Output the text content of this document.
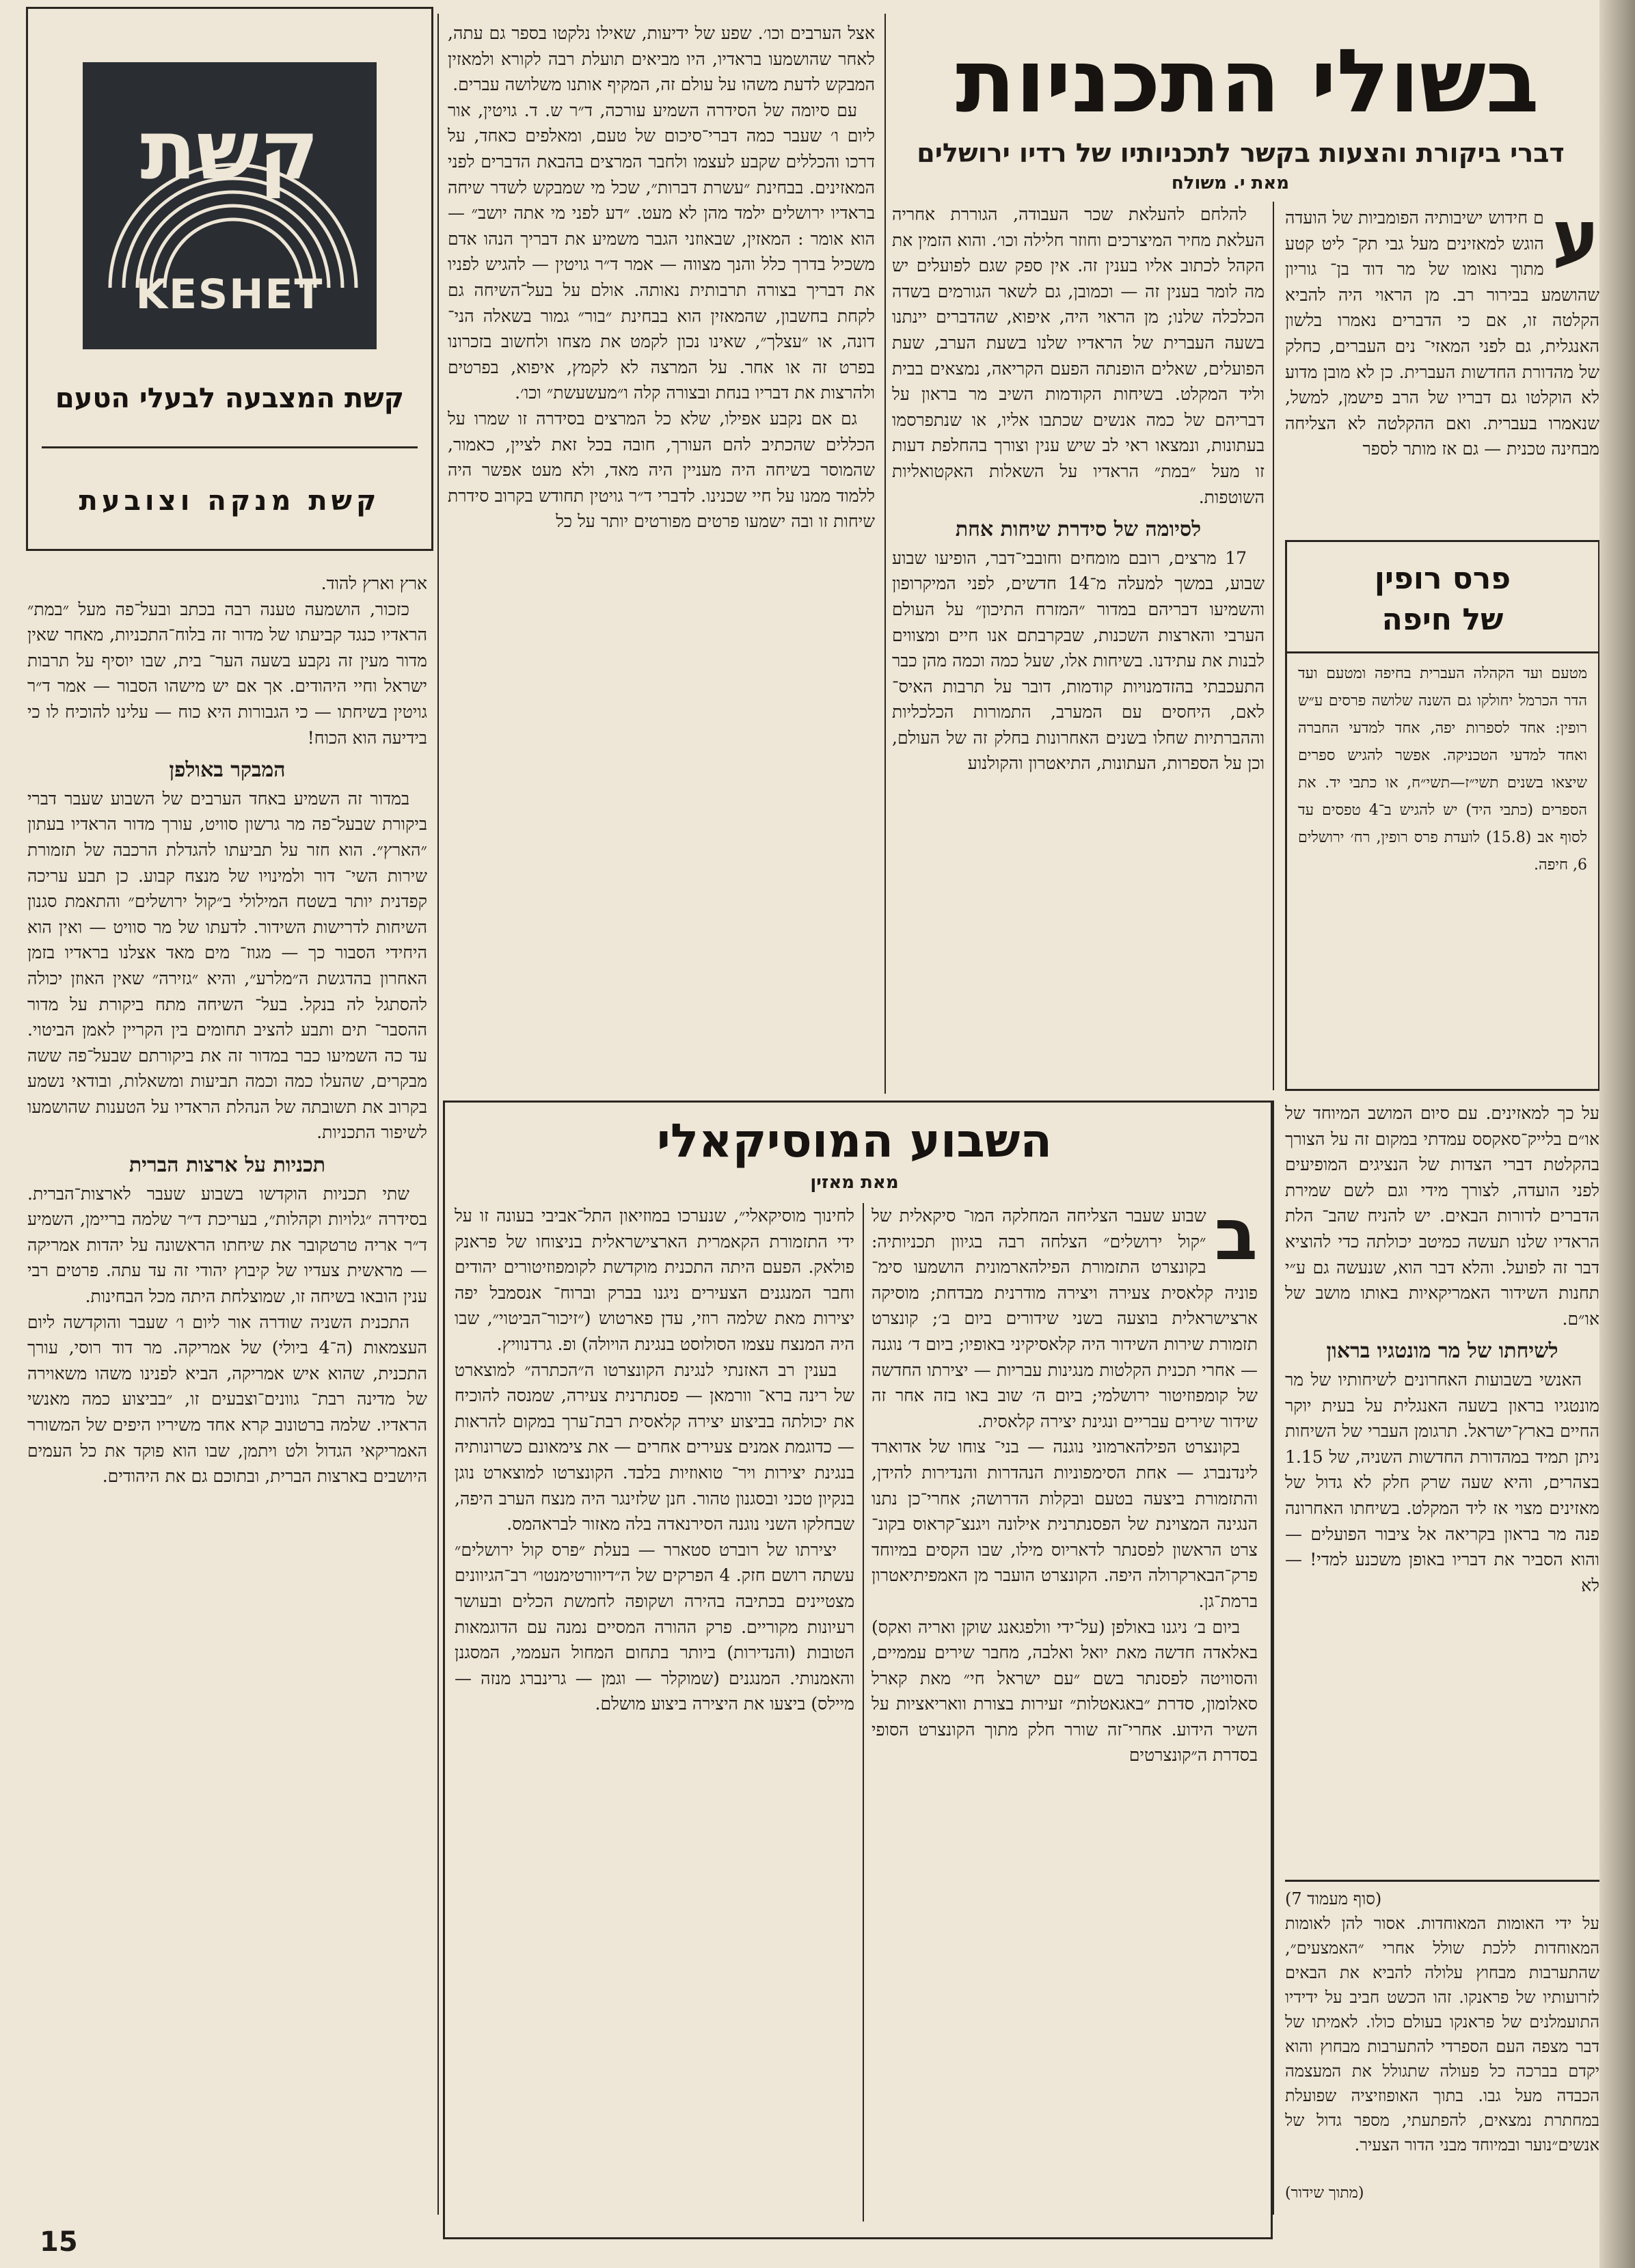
בשולי התכניות
דברי ביקורת והצעות בקשר לתכניותיו של רדיו ירושלים
מאת י. משולח
ע

ם חידוש ישיבותיה הפומביות של הועדה הוגש למאזינים מעל גבי תק־ ליט קטע מתוך נאומו של מר דוד בן־ גוריון שהושמע בבירור רב. מן הראוי היה להביא הקלטה זו, אם כי הדברים נאמרו בלשון האנגלית, גם לפני המאזי־ נים העברים, כחלק של מהדורת החדשות העברית. כן לא מובן מדוע לא הוקלטו גם דבריו של הרב פישמן, למשל, שנאמרו בעברית. ואם ההקלטה לא הצליחה מבחינה טכנית — גם אז מותר לספר

פרס רופין
של חיפה

מטעם ועד הקהלה העברית בחיפה ומטעם ועד הדר הכרמל יחולקו גם השנה שלושה פרסים ע״ש רופין: אחד לספרות יפה, אחד למדעי החברה ואחד למדעי הטכניקה. אפשר להגיש ספרים שיצאו בשנים תשי״ז—תשי״ח, או כתבי יד. את הספרים (כתבי היד) יש להגיש ב־4 טפסים עד לסוף אב (15.8) לועדת פרס רופין, רח׳ ירושלים 6, חיפה.

להלחם להעלאת שכר העבודה, הגוררת אחריה העלאת מחיר המיצרכים וחוזר חלילה וכו׳. והוא הזמין את הקהל לכתוב אליו בענין זה. אין ספק שגם לפועלים יש מה לומר בענין זה — וכמובן, גם לשאר הגורמים בשדה הכלכלה שלנו; מן הראוי היה, איפוא, שהדברים יינתנו בשעה העברית של הראדיו שלנו בשעת הערב, שעת הפועלים, שאלים הופנתה הפעם הקריאה, נמצאים בבית וליד המקלט. בשיחות הקודמות השיב מר בראון על דבריהם של כמה אנשים שכתבו אליו, או שנתפרסמו בעתונות, ונמצאו ראי לב שיש ענין וצורך בהחלפת דעות זו מעל ״במת״ הראדיו על השאלות האקטואליות השוטפות.

לסיומה של סידרת שיחות אחת

17 מרצים, רובם מומחים וחובבי־דבר, הופיעו שבוע שבוע, במשך למעלה מ־14 חדשים, לפני המיקרופון והשמיעו דבריהם במדור ״המזרח התיכון״ על העולם הערבי והארצות השכנות, שבקרבתם אנו חיים ומצווים לבנות את עתידנו. בשיחות אלו, שעל כמה וכמה מהן כבר התעכבתי בהזדמנויות קודמות, דובר על תרבות האיס־ לאם, היחסים עם המערב, התמורות הכלכליות וההברתיות שחלו בשנים האחרונות בחלק זה של העולם, וכן על הספרות, העתונות, התיאטרון והקולנוע

אצל הערבים וכו׳. שפע של ידיעות, שאילו נלקטו בספר גם עתה, לאחר שהושמעו בראדיו, היו מביאים תועלת רבה לקורא ולמאזין המבקש לדעת משהו על עולם זה, המקיף אותנו משלושה עברים.

עם סיומה של הסידרה השמיע עורכה, ד״ר ש. ד. גויטין, אור ליום ו׳ שעבר כמה דברי־סיכום של טעם, ומאלפים כאחד, על דרכו והכללים שקבע לעצמו ולחבר המרצים בהבאת הדברים לפני המאזינים. בבחינת ״עשרת דברות״, שכל מי שמבקש לשדר שיחה בראדיו ירושלים ילמד מהן לא מעט. ״דע לפני מי אתה יושב״ — הוא אומר : המאזין, שבאוזני הגבר משמיע את דבריך הנהו אדם משכיל בדרך כלל והנך מצווה — אמר ד״ר גויטין — להגיש לפניו את דבריך בצורה תרבותית נאותה. אולם על בעל־השיחה גם לקחת בחשבון, שהמאזין הוא בבחינת ״בור״ גמור בשאלה הני־ דונה, או ״עצלך״, שאינו נכון לקמט את מצחו ולחשוב בזכרונו בפרט זה או אחר. על המרצה לא לקמץ, איפוא, בפרטים ולהרצות את דבריו בנחת ובצורה קלה ו״מעשעשת״ וכו׳.

גם אם נקבע אפילו, שלא כל המרצים בסידרה זו שמרו על הכללים שהכתיב להם העורך, חובה בכל זאת לציין, כאמור, שהמוסר בשיחה היה מעניין היה מאד, ולא מעט אפשר היה ללמוד ממנו על חיי שכנינו. לדברי ד״ר גויטין תחודש בקרוב סידרת שיחות זו ובה ישמעו פרטים מפורטים יותר על כל

על כך למאזינים. עם סיום המושב המיוחד של או״ם בלייק־סאקסס עמדתי במקום זה על הצורך בהקלטת דברי הצדות של הנציגים המופיעים לפני הועדה, לצורך מידי וגם לשם שמירת הדברים לדורות הבאים. יש להניח שהב־ הלת הראדיו שלנו תעשה כמיטב יכולתה כדי להוציא דבר זה לפועל. והלא דבר הוא, שנעשה גם ע״י תחנות השידור האמריקאיות באותו מושב של או״ם.

לשיחתו של מר מונטגיו בראון

האנשי בשבועות האחרונים לשיחותיו של מר מונטגיו בראון בשעה האנגלית על בעית יוקר החיים בארץ־ישראל. תרגומן העברי של השיחות ניתן תמיד במהדורת החדשות השניה, של 1.15 בצהרים, והיא שעה שרק חלק לא גדול של מאזינים מצוי אז ליד המקלט. בשיחתו האחרונה פנה מר בראון בקריאה אל ציבור הפועלים — והוא הסביר את דבריו באופן משכנע למדי! — לא

(סוף מעמוד 7)

על ידי האומות המאוחדות. אסור להן לאומות המאוחדות ללכת שולל אחרי ״האמצעים״, שהתערבות מבחוץ עלולה להביא את הבאים לזרועותיו של פראנקו. זהו הכשט חביב על ידידיו התועמלנים של פראנקו בעולם כולו. לאמיתו של דבר מצפה העם הספרדי להתערבות מבחוץ והוא יקדם בברכה כל פעולה שתגולל את המעצמה הכבדה מעל גבו. בתוך האופוזיציה שפועלת במחתרת נמצאים, להפתעתי, מספר גדול של אנשים״נוער ובמיוחד מבני הדור הצעיר.

(מתוך שידור)
השבוע המוסיקאלי
מאת מאזין
ב

שבוע שעבר הצליחה המחלקה המו־ סיקאלית של ״קול ירושלים״ הצלחה רבה בגיוון תכניותיה: בקונצרט התזמורת הפילהארמונית הושמעו סימ־ פוניה קלאסית צעירה ויצירה מודרנית מבדחת; מוסיקה ארצישראלית בוצעה בשני שידורים ביום ב׳; קונצרט תזמורת שירות השידור היה קלאסיקיני באופיו; ביום ד׳ נוגנה — אחרי תכנית הקלטות מנגינות עבריות — יצירתו החדשה של קומפוזיטור ירושלמי; ביום ה׳ שוב באו בזה אחר זה שידור שירים עבריים ונגינת יצירה קלאסית.

בקונצרט הפילהארמוני נוגנה — בני־ צוחו של אדוארד לינדנברג — אחת הסימפוניות הנהדרות והנדירות להידן, והתזמורת ביצעה בטעם ובקלות הדרושה; אחרי־כן נתנו הנגינה המצוינת של הפסנתרנית אילונה ויגנצ־קראוס בקונ־ צרט הראשון לפסנתר לדאריוס מילו, שבו הקסים במיוחד פרק־הבארקרולה היפה. הקונצרט הועבר מן האמפיתיאטרון ברמת־גן.

ביום ב׳ ניגנו באולפן (על־ידי וולפגאנג שוקן ואריה ואקס) באלאדה חדשה מאת יואל ואלבה, מחבר שירים עממיים, והסוויטה לפסנתר בשם ״עם ישראל חי״ מאת קארל סאלומון, סדרת ״באגאטלות״ זעירות בצורת וואריאציות על השיר הידוע. אחרי־זה שורר חלק מתוך הקונצרט הסופי בסדרת ה״קונצרטים

לחינוך מוסיקאלי״, שנערכו במוזיאון התל־אביבי בעונה זו על ידי התזמורת הקאמרית הארצישראלית בניצוחו של פראנק פולאק. הפעם היתה התכנית מוקדשת לקומפוזיטורים יהודים וחבר המנגנים הצעירים ניגנו בברק וברוח־ אנסמבל יפה יצירות מאת שלמה רוזי, עדן פארטוש (״זיכור־הביטוי״, שבו היה המנצח עצמו הסולוסט בנגינת הויולה) ופ. גרדנוויץ.

בענין רב האזנתי לנגינת הקונצרטו ה״הכתרה״ למוצארט של רינה ברא־ וורמאן — פסנתרנית צעירה, שמנסה להוכיח את יכולתה בביצוע יצירה קלאסית רבת־ערך במקום להראות — כדוגמת אמנים צעירים אחרים — את צימאונם כשרונותיה בנגינת יצירות ויר־ טואוזיות בלבד. הקונצרטו למוצארט נוגן בנקיון טכני ובסגנון טהור. חנן שלזינגר היה מנצח הערב היפה, שבחלקו השני נוגנה הסירנאדה בלה מאזור לבראהמס.

יצירתו של רוברט סטארר — בעלת ״פרס קול ירושלים״ עשתה רושם חזק. 4 הפרקים של ה״דיוורטימנטו״ רב־הגיוונים מצטיינים בכתיבה בהירה ושקופה לחמשת הכלים ובעושר רעיונות מקוריים. פרק ההורה המסיים נמנה עם הדוגמאות הטובות (והנדירות) ביותר בתחום המחול העממי, המסגנן והאמנותי. המנגנים (שמוקלר — וגמן — גרינברג מנזה — מיילס) ביצעו את היצירה ביצוע מושלם.

קשת
KESHET
קשת המצבעה לבעלי הטעם
קשת מנקה וצובעת

ארץ וארץ להוד.

כזכור, הושמעה טענה רבה בכתב ובעל־פה מעל ״במת״ הראדיו כנגד קביעתו של מדור זה בלוח־התכניות, מאחר שאין מדור מעין זה נקבע בשעה הער־ בית, שבו יוסיף על תרבות ישראל וחיי היהודים. אך אם יש מישהו הסבור — אמר ד״ר גויטין בשיחתו — כי הגבורות היא כוח — עלינו להוכיח לו כי בידיעה הוא הכוח!

המבקר באולפן

במדור זה השמיע באחד הערבים של השבוע שעבר דברי ביקורת שבעל־פה מר גרשון סוויט, עורך מדור הראדיו בעתון ״הארץ״. הוא חזר על תביעתו להגדלת הרכבה של תזמורת שירות השי־ דור ולמינויו של מנצח קבוע. כן תבע עריכה קפדנית יותר בשטח המילולי ב״קול ירושלים״ והתאמת סגנון השיחות לדרישות השידור. לדעתו של מר סוויט — ואין הוא היחידי הסבור כך — מגוז־ מים מאד אצלנו בראדיו בזמן האחרון בהדגשת ה״מלרע״, והיא ״גזירה״ שאין האוזן יכולה להסתגל לה בנקל. בעל־ השיחה מתח ביקורת על מדור ההסבר־ תים ותבע להציב תחומים בין הקריין לאמן הביטוי. עד כה השמיעו כבר במדור זה את ביקורתם שבעל־פה ששה מבקרים, שהעלו כמה וכמה תביעות ומשאלות, ובודאי נשמע בקרוב את תשובתה של הנהלת הראדיו על הטענות שהושמעו לשיפור התכניות.

תכניות על ארצות הברית

שתי תכניות הוקדשו בשבוע שעבר לארצות־הברית. בסידרה ״גלויות וקהלות״, בעריכת ד״ר שלמה בריימן, השמיע ד״ר אריה טרטקובר את שיחתו הראשונה על יהדות אמריקה — מראשית צעדיו של קיבוץ יהודי זה עד עתה. פרטים רבי ענין הובאו בשיחה זו, שמוצלחת היתה מכל הבחינות.

התכנית השניה שודרה אור ליום ו׳ שעבר והוקדשה ליום העצמאות (ה־4 ביולי) של אמריקה. מר דוד רוסי, עורך התכנית, שהוא איש אמריקה, הביא לפנינו משהו משאוירה של מדינה רבת־ גוונים־וצבעים זו, ״בביצוע כמה מאנשי הראדיו. שלמה ברטונוב קרא אחד משיריו היפים של המשורר האמריקאי הגדול ולט ויתמן, שבו הוא פוקד את כל העמים היושבים בארצות הברית, ובתוכם גם את היהודים.

15
